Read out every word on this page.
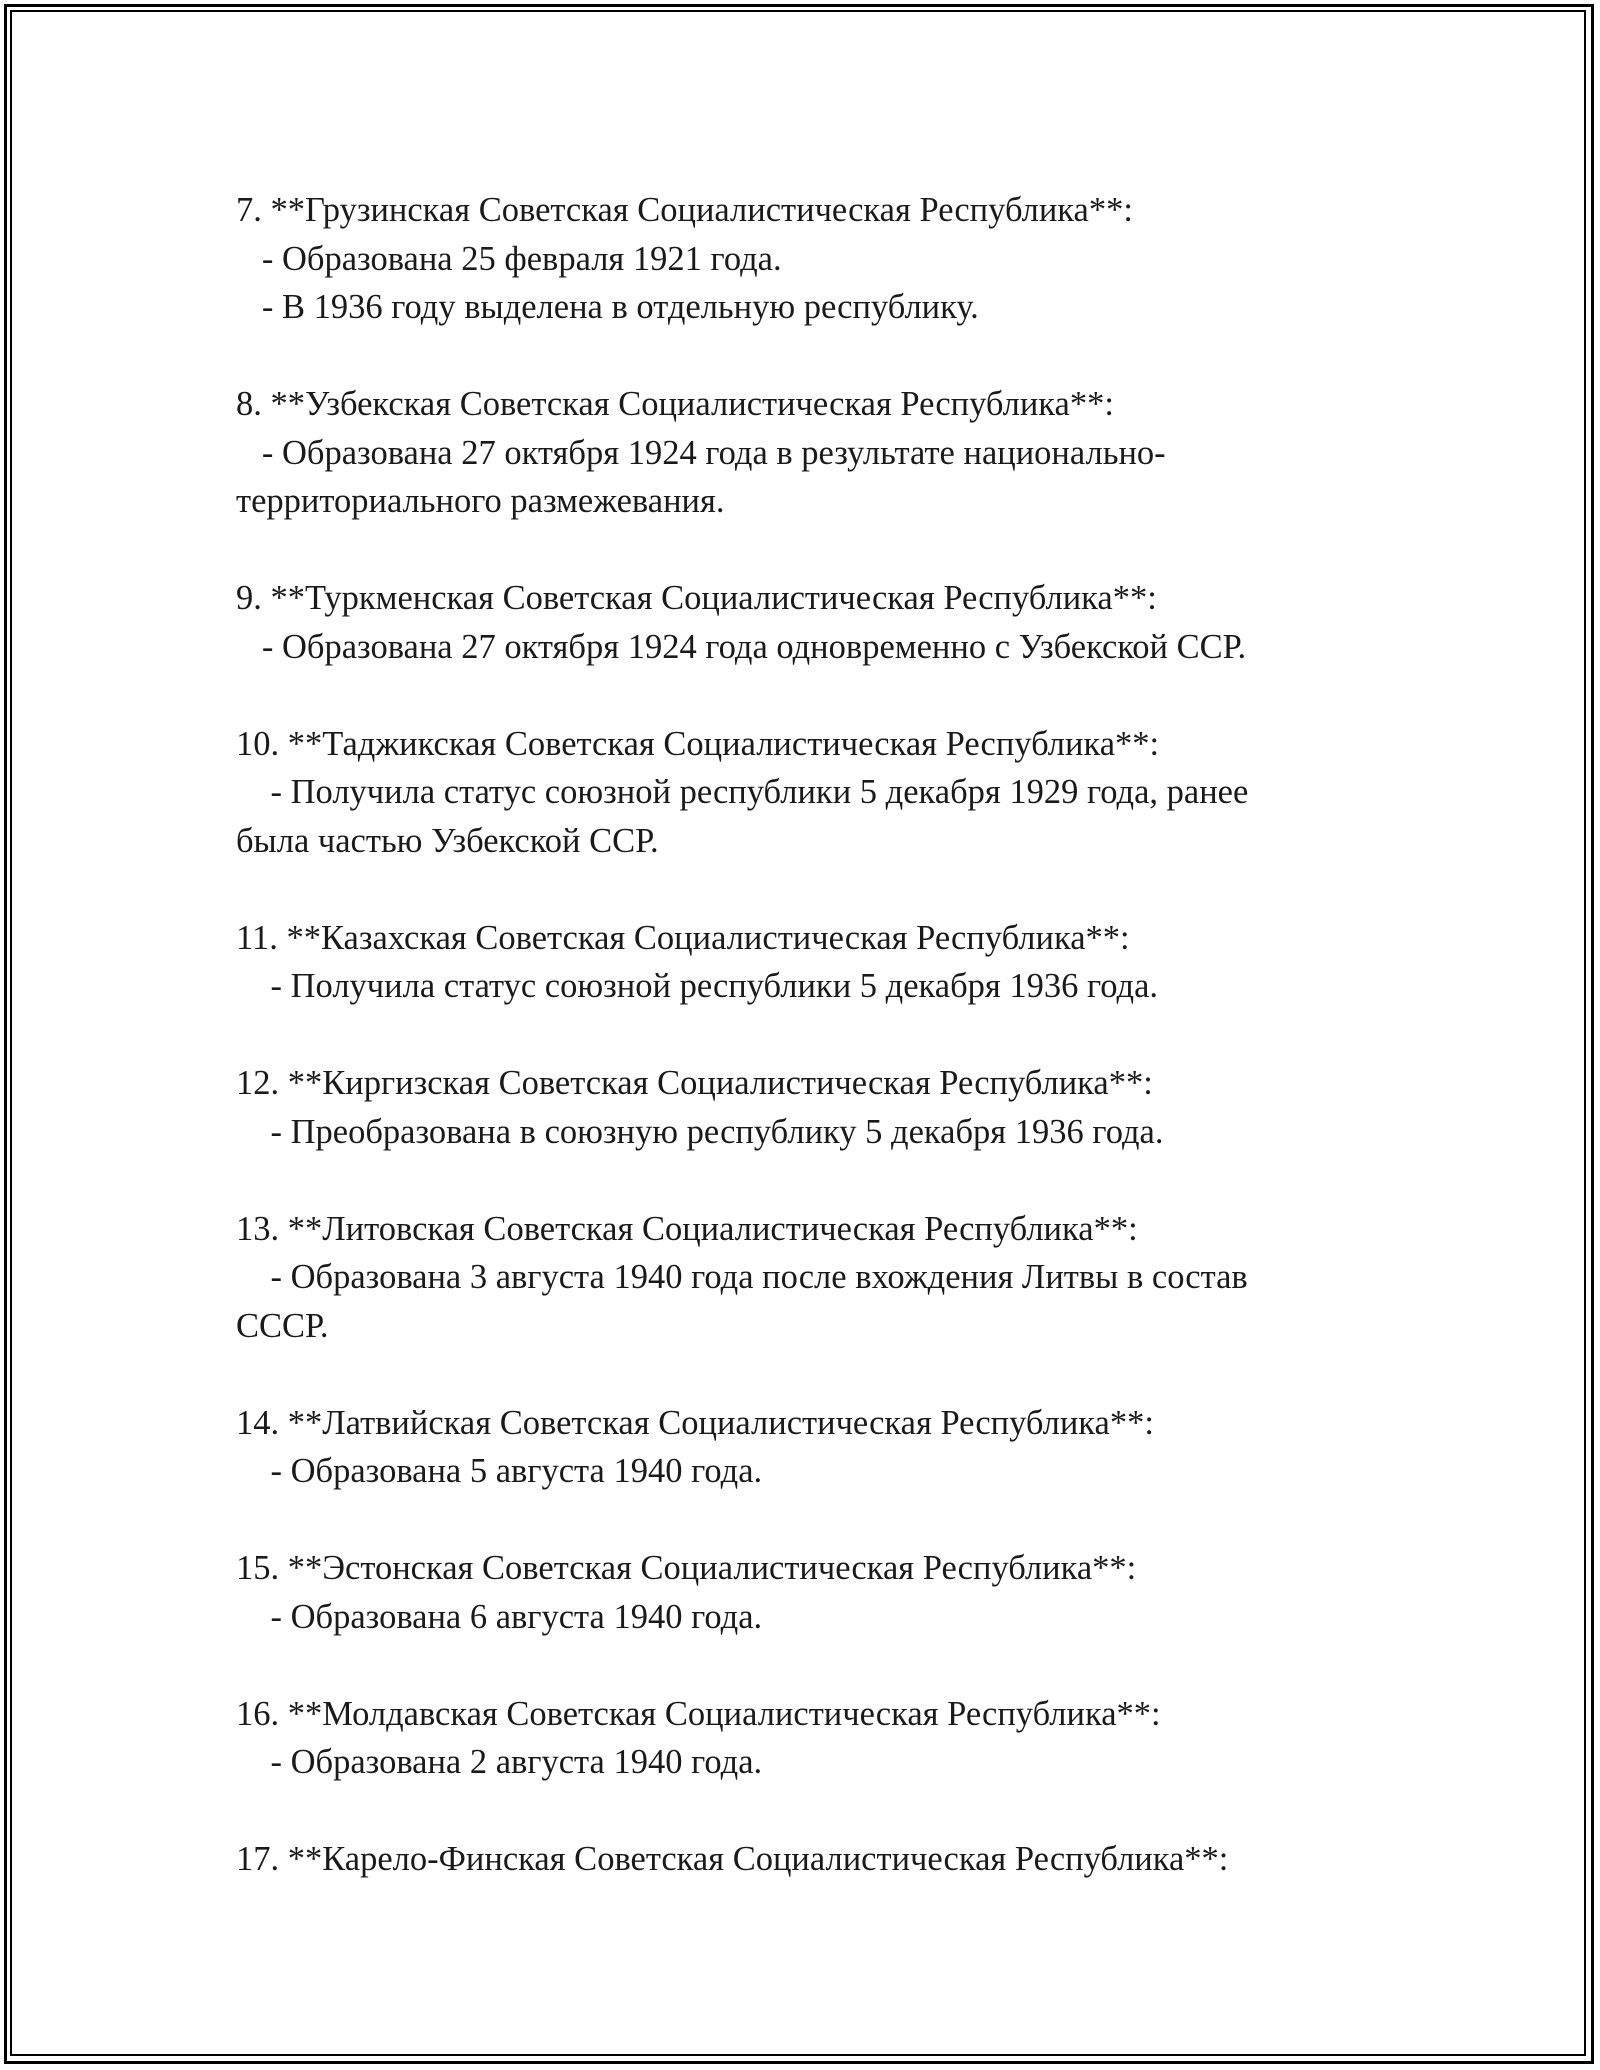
7. **Грузинская Советская Социалистическая Республика**:
- Образована 25 февраля 1921 года.
- В 1936 году выделена в отдельную республику.
8. **Узбекская Советская Социалистическая Республика**:
- Образована 27 октября 1924 года в результате национально-
территориального размежевания.
9. **Туркменская Советская Социалистическая Республика**:
- Образована 27 октября 1924 года одновременно с Узбекской ССР.
10. **Таджикская Советская Социалистическая Республика**:
- Получила статус союзной республики 5 декабря 1929 года, ранее
была частью Узбекской ССР.
11. **Казахская Советская Социалистическая Республика**:
- Получила статус союзной республики 5 декабря 1936 года.
12. **Киргизская Советская Социалистическая Республика**:
- Преобразована в союзную республику 5 декабря 1936 года.
13. **Литовская Советская Социалистическая Республика**:
- Образована 3 августа 1940 года после вхождения Литвы в состав
СССР.
14. **Латвийская Советская Социалистическая Республика**:
- Образована 5 августа 1940 года.
15. **Эстонская Советская Социалистическая Республика**:
- Образована 6 августа 1940 года.
16. **Молдавская Советская Социалистическая Республика**:
- Образована 2 августа 1940 года.
17. **Карело-Финская Советская Социалистическая Республика**:
